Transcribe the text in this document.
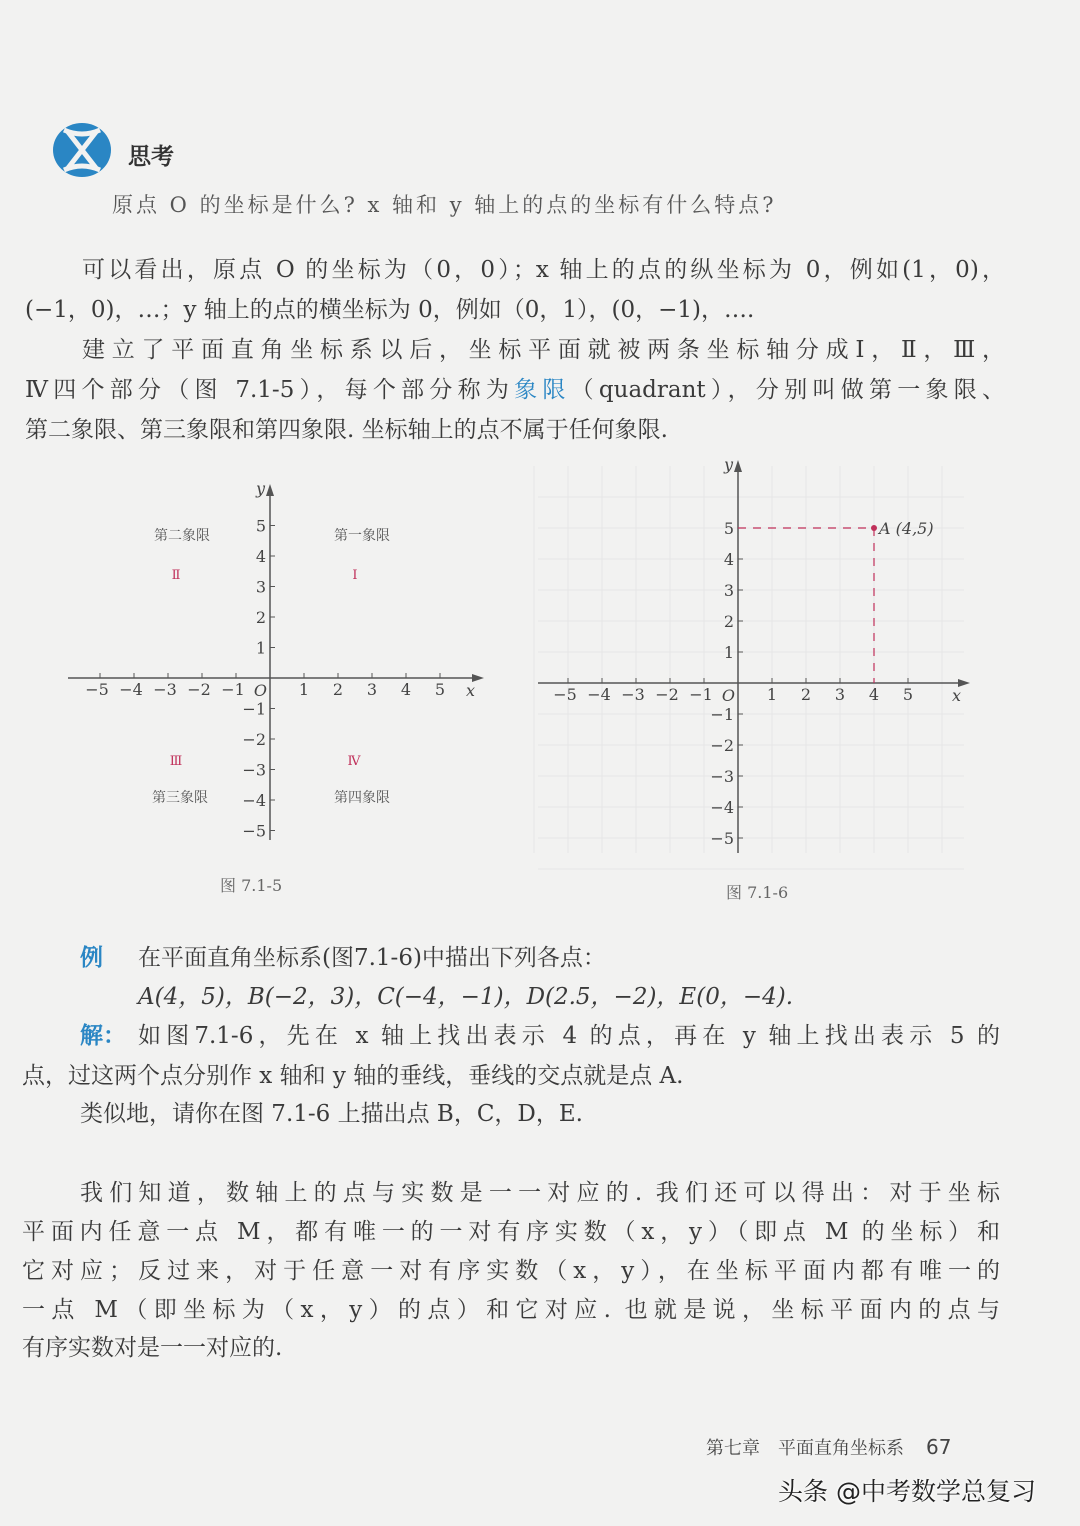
思考
原点 O 的坐标是什么? x 轴和 y 轴上的点的坐标有什么特点?
可以看出，原点 O 的坐标为（0，0）；x 轴上的点的纵坐标为 0，例如(1，0)，
(−1，0)，…；y 轴上的点的横坐标为 0，例如（0，1），(0，−1)，….
建立了平面直角坐标系以后，坐标平面就被两条坐标轴分成Ⅰ，Ⅱ，Ⅲ，
Ⅳ四个部分（图 7.1-5），每个部分称为象限（quadrant），分别叫做第一象限、
第二象限、第三象限和第四象限. 坐标轴上的点不属于任何象限.
−5
−5
−4
−4
−3
−3
−2
−2
−1
−1
1
1
2
2
3
3
4
4
5
5
O	x
y
第一象限
Ⅰ
第二象限
Ⅱ
第三象限
Ⅲ
第四象限
Ⅳ
−5
−5
−4
−4
−3
−3
−2
−2
−1
−1
1
1
2
2
3
3
4
4
5
5
O	x
y
A (4,5)
图 7.1-5	图 7.1-6
例 在平面直角坐标系(图7.1-6)中描出下列各点：
A(4，5)，B(−2，3)，C(−4，−1)，D(2.5，−2)，E(0，−4).
解： 如图7.1-6，先在 x 轴上找出表示 4 的点，再在 y 轴上找出表示 5 的
点，过这两个点分别作 x 轴和 y 轴的垂线，垂线的交点就是点 A.
类似地，请你在图 7.1-6 上描出点 B，C，D，E.
我们知道，数轴上的点与实数是一一对应的. 我们还可以得出：对于坐标
平面内任意一点 M，都有唯一的一对有序实数（x，y）（即点 M 的坐标）和
它对应；反过来，对于任意一对有序实数（x，y），在坐标平面内都有唯一的
一点 M（即坐标为（x，y）的点）和它对应. 也就是说，坐标平面内的点与
有序实数对是一一对应的.
第七章　平面直角坐标系 67
头条 @中考数学总复习
